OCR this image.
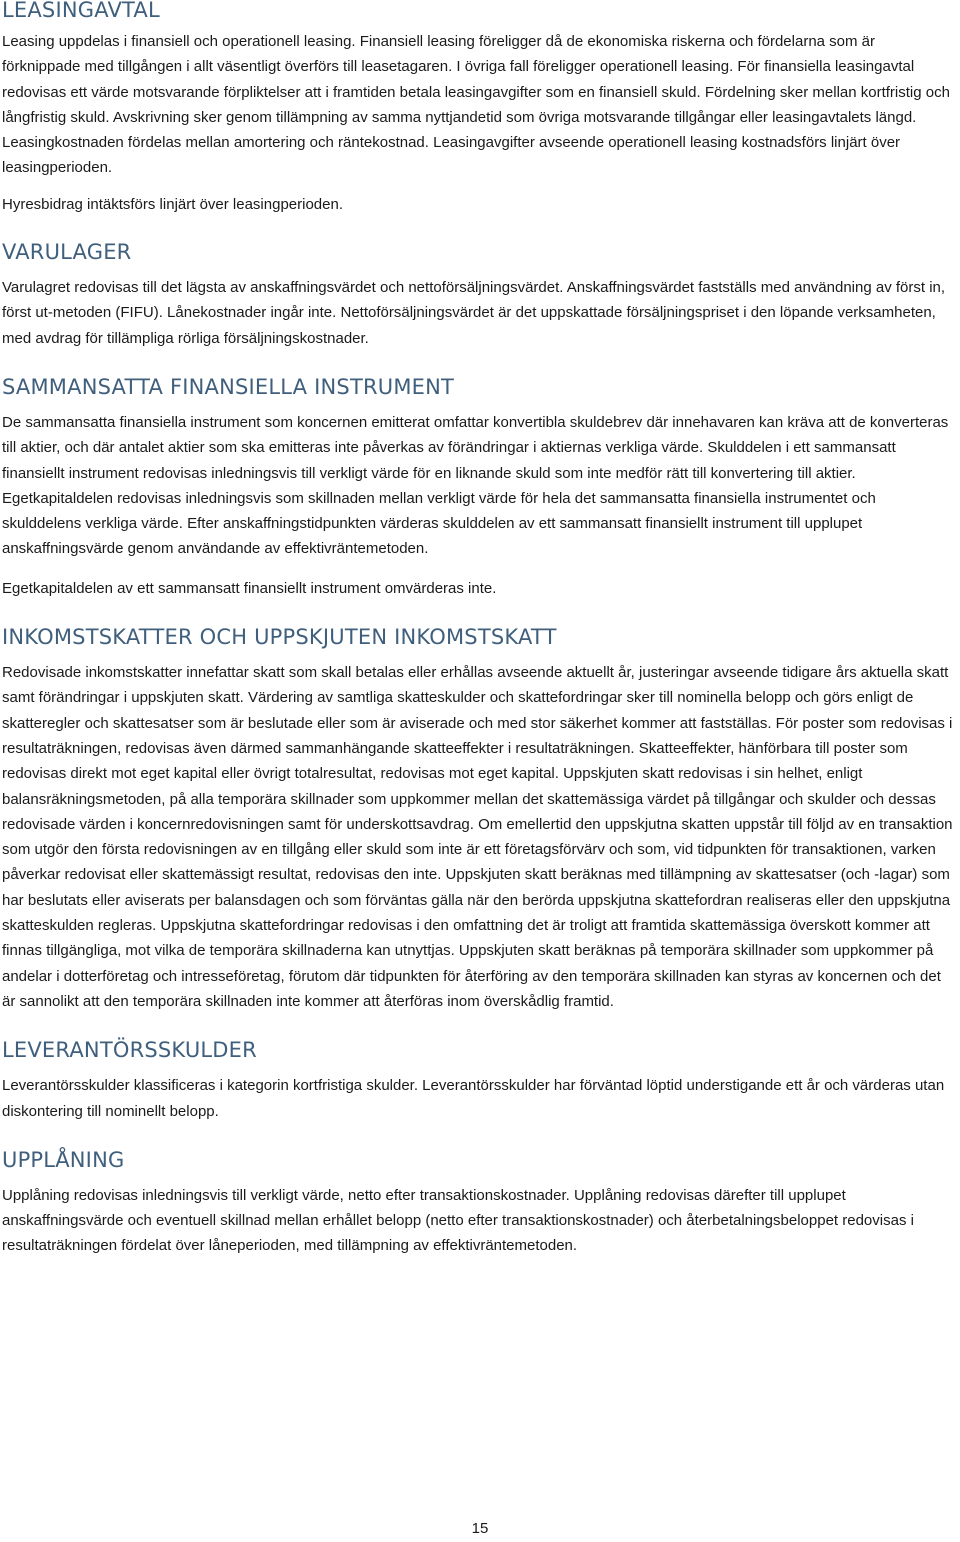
LEASINGAVTAL

Leasing uppdelas i finansiell och operationell leasing. Finansiell leasing föreligger då de ekonomiska riskerna och fördelarna som är förknippade med tillgången i allt väsentligt överförs till leasetagaren. I övriga fall föreligger operationell leasing. För finansiella leasingavtal redovisas ett värde motsvarande förpliktelser att i framtiden betala leasingavgifter som en finansiell skuld. Fördelning sker mellan kortfristig och långfristig skuld. Avskrivning sker genom tillämpning av samma nyttjandetid som övriga motsvarande tillgångar eller leasingavtalets längd. Leasingkostnaden fördelas mellan amortering och räntekostnad. Leasingavgifter avseende operationell leasing kostnadsförs linjärt över leasingperioden.

Hyresbidrag intäktsförs linjärt över leasingperioden.

VARULAGER

Varulagret redovisas till det lägsta av anskaffningsvärdet och nettoförsäljningsvärdet. Anskaffningsvärdet fastställs med användning av först in, först ut-metoden (FIFU). Lånekostnader ingår inte. Nettoförsäljningsvärdet är det uppskattade försäljningspriset i den löpande verksamheten, med avdrag för tillämpliga rörliga försäljningskostnader.

SAMMANSATTA FINANSIELLA INSTRUMENT

De sammansatta finansiella instrument som koncernen emitterat omfattar konvertibla skuldebrev där innehavaren kan kräva att de konverteras till aktier, och där antalet aktier som ska emitteras inte påverkas av förändringar i aktiernas verkliga värde. Skulddelen i ett sammansatt finansiellt instrument redovisas inledningsvis till verkligt värde för en liknande skuld som inte medför rätt till konvertering till aktier. Egetkapitaldelen redovisas inledningsvis som skillnaden mellan verkligt värde för hela det sammansatta finansiella instrumentet och skulddelens verkliga värde. Efter anskaffningstidpunkten värderas skulddelen av ett sammansatt finansiellt instrument till upplupet anskaffningsvärde genom användande av effektivräntemetoden.

Egetkapitaldelen av ett sammansatt finansiellt instrument omvärderas inte.

INKOMSTSKATTER OCH UPPSKJUTEN INKOMSTSKATT

Redovisade inkomstskatter innefattar skatt som skall betalas eller erhållas avseende aktuellt år, justeringar avseende tidigare års aktuella skatt samt förändringar i uppskjuten skatt. Värdering av samtliga skatteskulder och skattefordringar sker till nominella belopp och görs enligt de skatteregler och skattesatser som är beslutade eller som är aviserade och med stor säkerhet kommer att fastställas. För poster som redovisas i resultaträkningen, redovisas även därmed sammanhängande skatteeffekter i resultaträkningen. Skatteeffekter, hänförbara till poster som redovisas direkt mot eget kapital eller övrigt totalresultat, redovisas mot eget kapital. Uppskjuten skatt redovisas i sin helhet, enligt balansräkningsmetoden, på alla temporära skillnader som uppkommer mellan det skattemässiga värdet på tillgångar och skulder och dessas redovisade värden i koncernredovisningen samt för underskottsavdrag. Om emellertid den uppskjutna skatten uppstår till följd av en transaktion som utgör den första redovisningen av en tillgång eller skuld som inte är ett företagsförvärv och som, vid tidpunkten för transaktionen, varken påverkar redovisat eller skattemässigt resultat, redovisas den inte. Uppskjuten skatt beräknas med tillämpning av skattesatser (och -lagar) som har beslutats eller aviserats per balansdagen och som förväntas gälla när den berörda uppskjutna skattefordran realiseras eller den uppskjutna skatteskulden regleras. Uppskjutna skattefordringar redovisas i den omfattning det är troligt att framtida skattemässiga överskott kommer att finnas tillgängliga, mot vilka de temporära skillnaderna kan utnyttjas. Uppskjuten skatt beräknas på temporära skillnader som uppkommer på andelar i dotterföretag och intresseföretag, förutom där tidpunkten för återföring av den temporära skillnaden kan styras av koncernen och det är sannolikt att den temporära skillnaden inte kommer att återföras inom överskådlig framtid.

LEVERANTÖRSSKULDER

Leverantörsskulder klassificeras i kategorin kortfristiga skulder. Leverantörsskulder har förväntad löptid understigande ett år och värderas utan diskontering till nominellt belopp.

UPPLÅNING

Upplåning redovisas inledningsvis till verkligt värde, netto efter transaktionskostnader. Upplåning redovisas därefter till upplupet anskaffningsvärde och eventuell skillnad mellan erhållet belopp (netto efter transaktionskostnader) och återbetalningsbeloppet redovisas i resultaträkningen fördelat över låneperioden, med tillämpning av effektivräntemetoden.

15
